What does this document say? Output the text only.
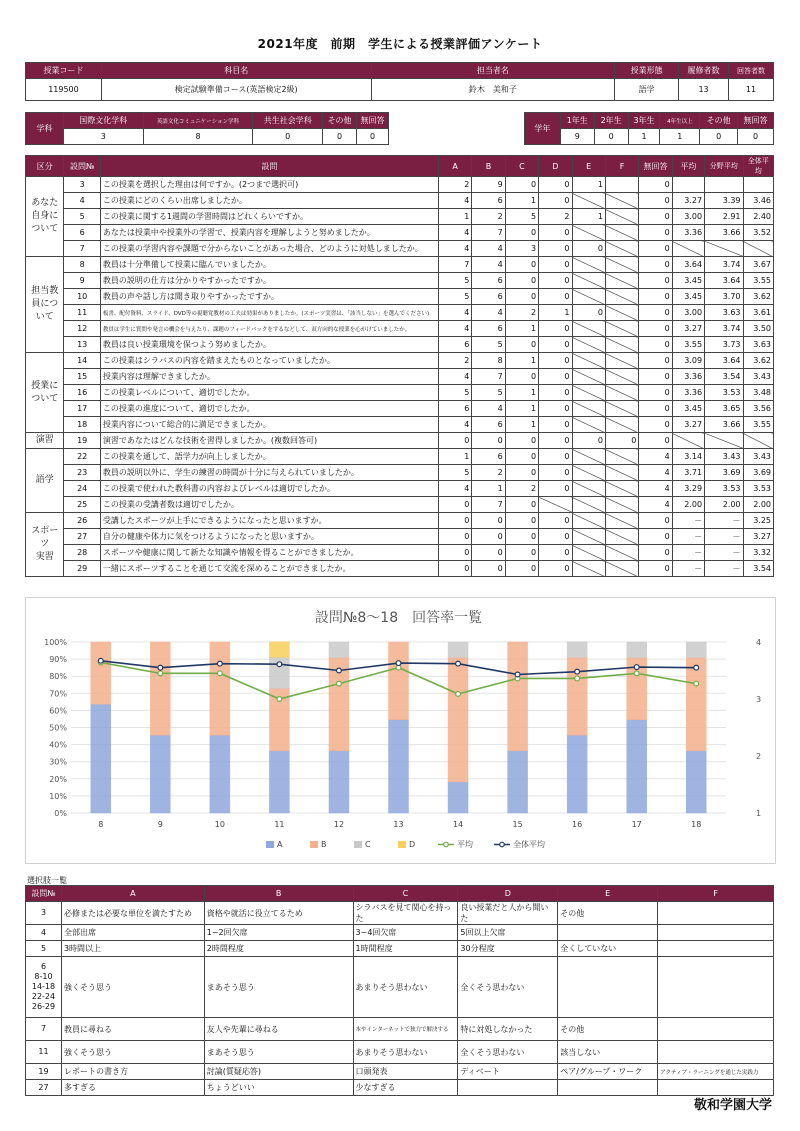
2021年度　前期　学生による授業評価アンケート
授業コード	科目名	担当者名	授業形態	履修者数	回答者数
119500	検定試験準備コース(英語検定2級)	鈴木　美和子	語学	13	11
学科	国際文化学科	英語文化コミュニケーション学科	共生社会学科	その他	無回答
	3	8	0	0	0
学年	1年生	2年生	3年生	4年生以上	その他	無回答
	9	0	1	1	0	0
区分	設問№	設問	A	B	C	D	E	F	無回答	平均	分野平均	全体平均
あなた
自身に
ついて	3	この授業を選択した理由は何ですか。(2つまで選択可)	2	9	0	0	1		0			
	4	この授業にどのくらい出席しましたか。	4	6	1	0			0	3.27	3.39	3.46
	5	この授業に関する1週間の学習時間はどれくらいですか。	1	2	5	2	1		0	3.00	2.91	2.40
	6	あなたは授業中や授業外の学習で、授業内容を理解しようと努めましたか。	4	7	0	0			0	3.36	3.66	3.52
	7	この授業の学習内容や課題で分からないことがあった場合、どのように対処しましたか。	4	4	3	0	0		0			
担当教
員につ
いて	8	教員は十分準備して授業に臨んでいましたか。	7	4	0	0			0	3.64	3.74	3.67
	9	教員の説明の仕方は分かりやすかったですか。	5	6	0	0			0	3.45	3.64	3.55
	10	教員の声や話し方は聞き取りやすかったですか。	5	6	0	0			0	3.45	3.70	3.62
	11	板書、配付資料、スライド、DVD等の視聴覚教材の工夫は効果がありましたか。(スポーツ実習は、「該当しない」を選んでください)	4	4	2	1	0		0	3.00	3.63	3.61
	12	教員は学生に質問や発言の機会を与えたり、課題のフィードバックをするなどして、双方向的な授業を心がけていましたか。	4	6	1	0			0	3.27	3.74	3.50
	13	教員は良い授業環境を保つよう努めましたか。	6	5	0	0			0	3.55	3.73	3.63
授業に
ついて	14	この授業はシラバスの内容を踏まえたものとなっていましたか。	2	8	1	0			0	3.09	3.64	3.62
	15	授業内容は理解できましたか。	4	7	0	0			0	3.36	3.54	3.43
	16	この授業レベルについて、適切でしたか。	5	5	1	0			0	3.36	3.53	3.48
	17	この授業の進度について、適切でしたか。	6	4	1	0			0	3.45	3.65	3.56
	18	授業内容について総合的に満足できましたか。	4	6	1	0			0	3.27	3.66	3.55
演習	19	演習であなたはどんな技術を習得しましたか。(複数回答可)	0	0	0	0	0	0	0			
語学	22	この授業を通して、語学力が向上しましたか。	1	6	0	0			4	3.14	3.43	3.43
	23	教員の説明以外に、学生の練習の時間が十分に与えられていましたか。	5	2	0	0			4	3.71	3.69	3.69
	24	この授業で使われた教科書の内容およびレベルは適切でしたか。	4	1	2	0			4	3.29	3.53	3.53
	25	この授業の受講者数は適切でしたか。	0	7	0				4	2.00	2.00	2.00
スポーツ
実習	26	受講したスポーツが上手にできるようになったと思いますか。	0	0	0	0			0	－	－	3.25
	27	自分の健康や体力に気をつけるようになったと思いますか。	0	0	0	0			0	－	－	3.27
	28	スポーツや健康に関して新たな知識や情報を得ることができましたか。	0	0	0	0			0	－	－	3.32
	29	一緒にスポーツすることを通じて交流を深めることができましたか。	0	0	0	0			0	－	－	3.54
設問№8～18　回答率一覧
0%
10%
20%
30%
40%
50%
60%
70%
80%
90%
100%
1
2
3
4
8	9	10	11	12	13	14	15	16	17	18
A	B	C	D	平均	全体平均
選択肢一覧
設問№	A	B	C	D	E	F
3	必修または必要な単位を満たすため	資格や就活に役立てるため	シラバスを見て関心を持った	良い授業だと人から聞いた	その他	
4	全部出席	1~2回欠席	3~4回欠席	5回以上欠席		
5	3時間以上	2時間程度	1時間程度	30分程度	全くしていない	
6
8-10
14-18
22-24
26-29	強くそう思う	まあそう思う	あまりそう思わない	全くそう思わない		
7	教員に尋ねる	友人や先輩に尋ねる	本やインターネットで独力で解決する	特に対処しなかった	その他	
11	強くそう思う	まあそう思う	あまりそう思わない	全くそう思わない	該当しない	
19	レポートの書き方	討論(質疑応答)	口頭発表	ディベート	ペア/グループ・ワーク	アクティブ・ラーニングを通じた実践力
27	多すぎる	ちょうどいい	少なすぎる			
敬和学園大学
